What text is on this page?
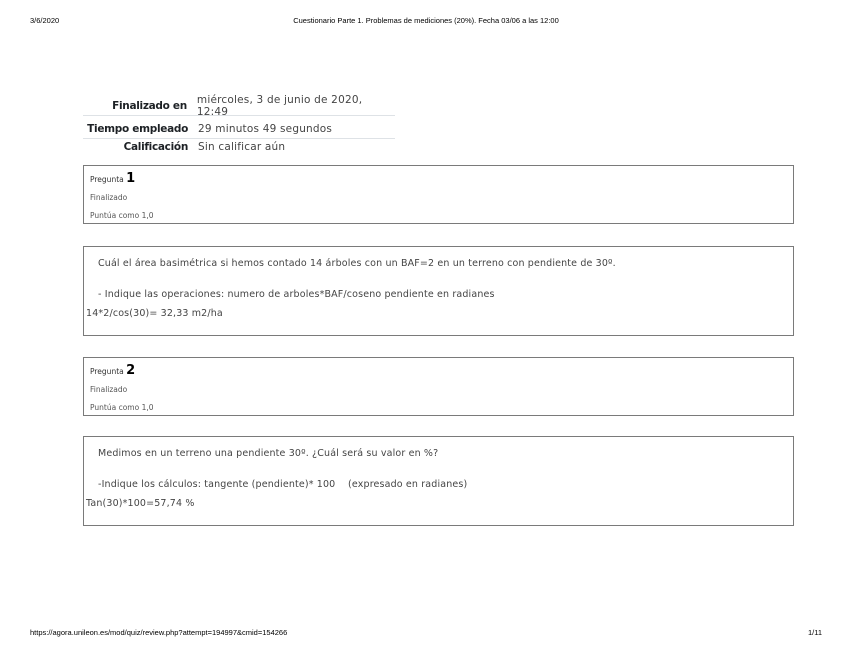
3/6/2020	Cuestionario Parte 1. Problemas de mediciones (20%). Fecha 03/06 a las 12:00
Finalizado en miércoles, 3 de junio de 2020, 12:49
Tiempo empleado 29 minutos 49 segundos
Calificación Sin calificar aún
Pregunta 1
Finalizado
Puntúa como 1,0
Cuál el área basimétrica si hemos contado 14 árboles con un BAF=2 en un terreno con pendiente de 30º.
- Indique las operaciones: numero de arboles*BAF/coseno pendiente en radianes
14*2/cos(30)= 32,33 m2/ha
Pregunta 2
Finalizado
Puntúa como 1,0
Medimos en un terreno una pendiente 30º. ¿Cuál será su valor en %?
-Indique los cálculos: tangente (pendiente)* 100    (expresado en radianes)
Tan(30)*100=57,74 %
https://agora.unileon.es/mod/quiz/review.php?attempt=194997&cmid=154266	1/11
